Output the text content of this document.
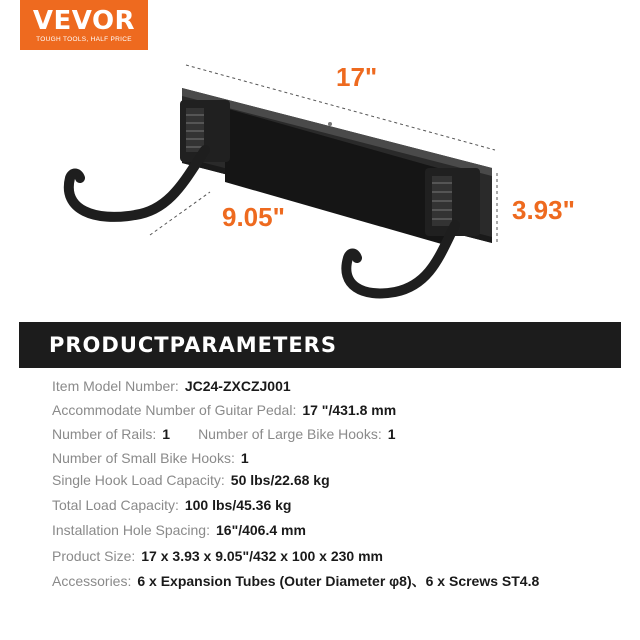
VEVOR
TOUGH TOOLS, HALF PRICE
17"
3.93"
9.05"
PRODUCTPARAMETERS
Item Model Number: JC24-ZXCZJ001
Accommodate Number of Guitar Pedal: 17 "/431.8 mm
Number of Rails: 1 Number of Large Bike Hooks: 1
Number of Small Bike Hooks: 1
Single Hook Load Capacity: 50 lbs/22.68 kg
Total Load Capacity: 100 lbs/45.36 kg
Installation Hole Spacing: 16"/406.4 mm
Product Size: 17 x 3.93 x 9.05"/432 x 100 x 230 mm
Accessories: 6 x Expansion Tubes (Outer Diameter φ8)、6 x Screws ST4.8
